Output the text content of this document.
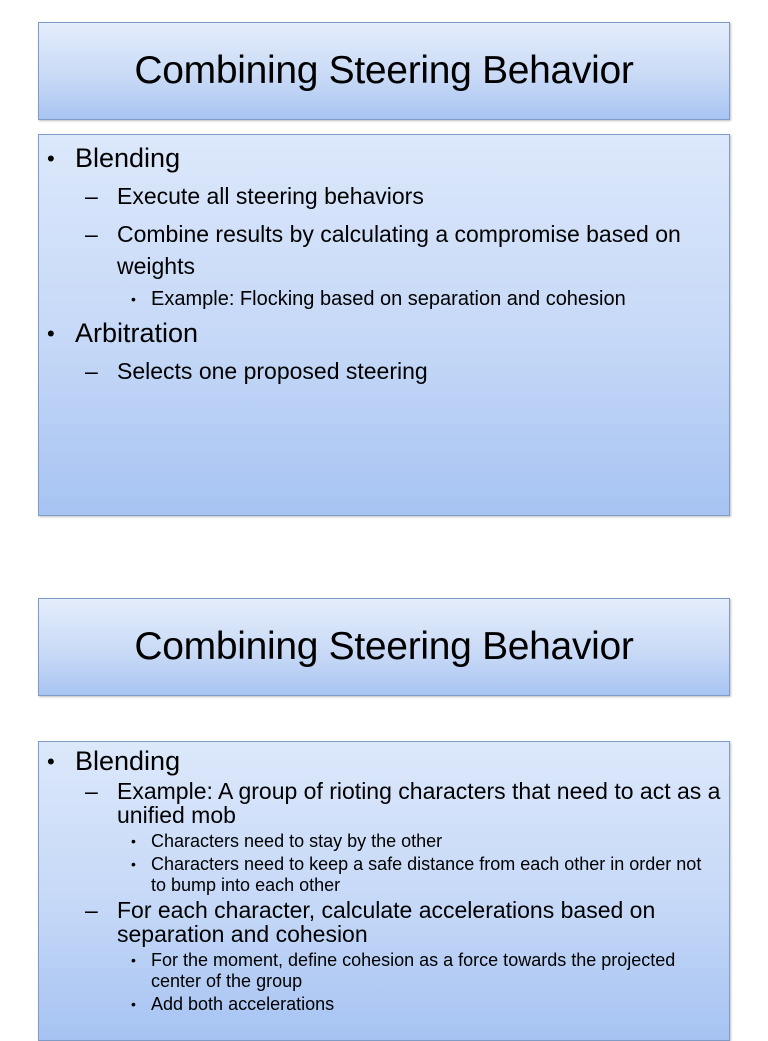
Combining Steering Behavior
• Blending
– Execute all steering behaviors
– Combine results by calculating a compromise based on weights
• Example: Flocking based on separation and cohesion
• Arbitration
– Selects one proposed steering
Combining Steering Behavior
• Blending
– Example: A group of rioting characters that need to act as a unified mob
• Characters need to stay by the other
• Characters need to keep a safe distance from each other in order not to bump into each other
– For each character, calculate accelerations based on separation and cohesion
• For the moment, define cohesion as a force towards the projected center of the group
• Add both accelerations
